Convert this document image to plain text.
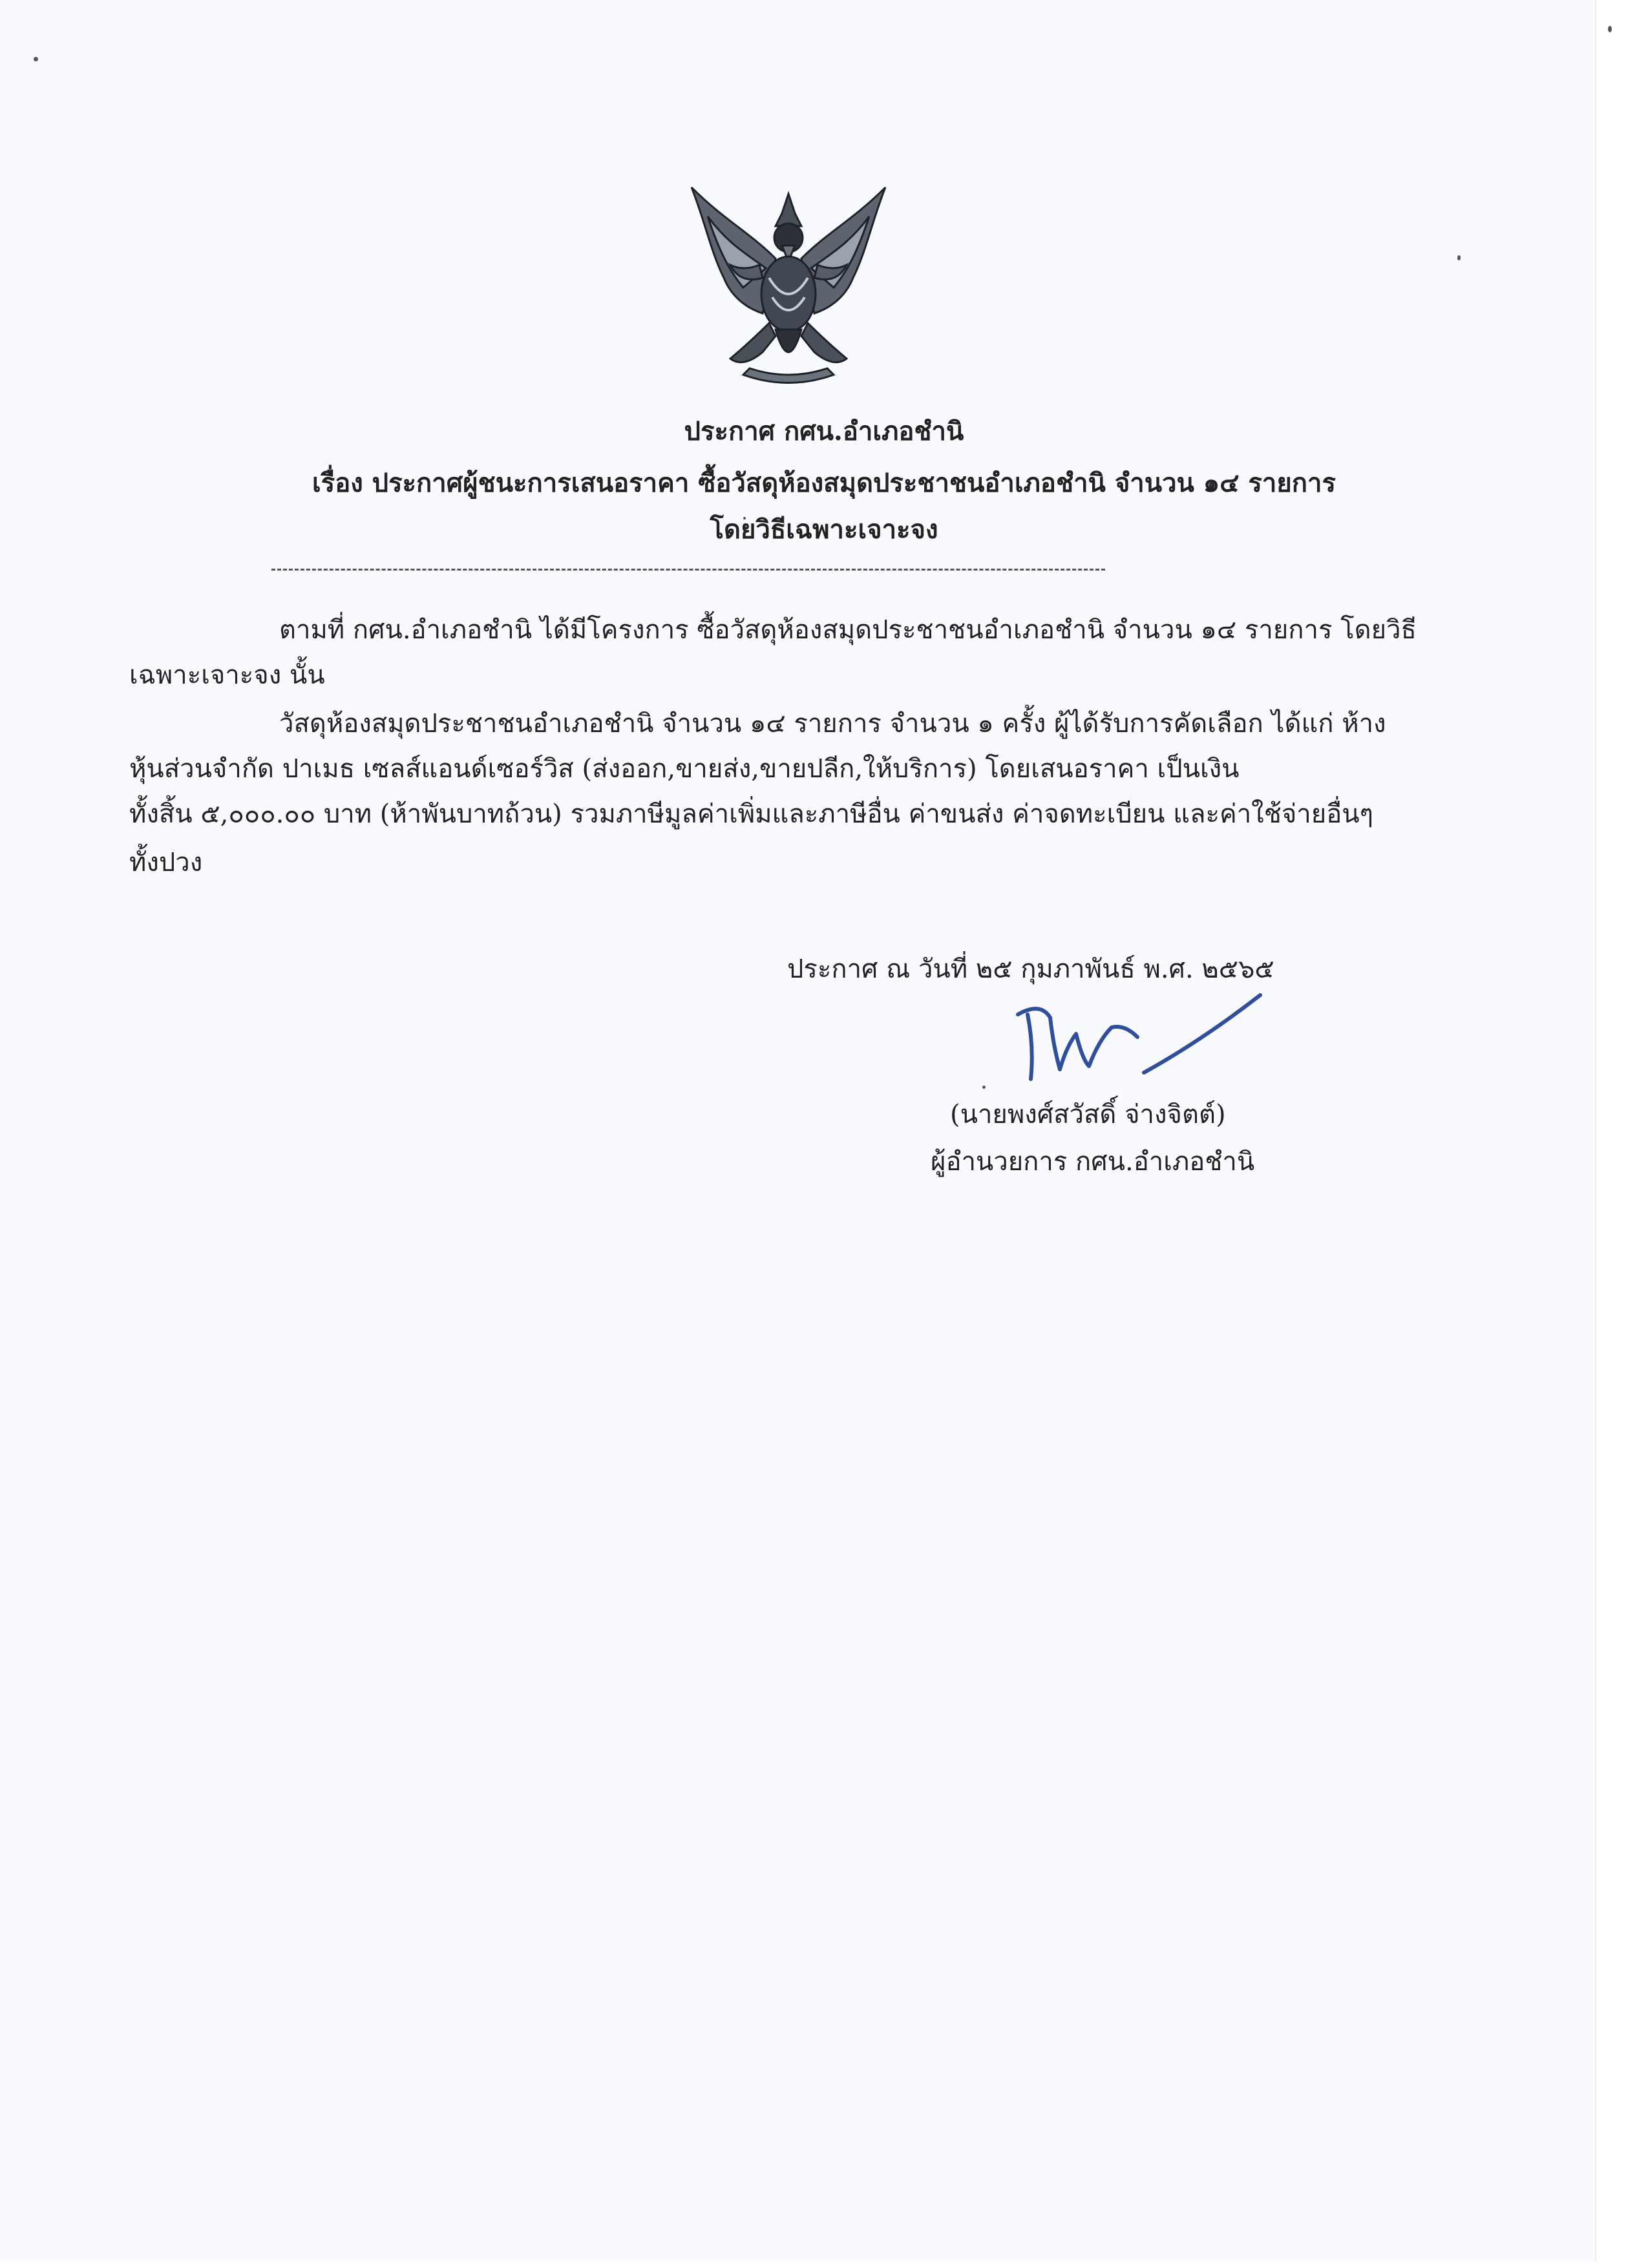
ประกาศ กศน.อำเภอชำนิ
เรื่อง ประกาศผู้ชนะการเสนอราคา ซื้อวัสดุห้องสมุดประชาชนอำเภอชำนิ จำนวน ๑๔ รายการ
โดยวิธีเฉพาะเจาะจง
ตามที่ กศน.อำเภอชำนิ ได้มีโครงการ ซื้อวัสดุห้องสมุดประชาชนอำเภอชำนิ จำนวน ๑๔ รายการ โดยวิธี
เฉพาะเจาะจง นั้น
วัสดุห้องสมุดประชาชนอำเภอชำนิ จำนวน ๑๔ รายการ จำนวน ๑ ครั้ง ผู้ได้รับการคัดเลือก ได้แก่ ห้าง
หุ้นส่วนจำกัด ปาเมธ เซลส์แอนด์เซอร์วิส (ส่งออก,ขายส่ง,ขายปลีก,ให้บริการ) โดยเสนอราคา เป็นเงิน
ทั้งสิ้น ๕,๐๐๐.๐๐ บาท (ห้าพันบาทถ้วน) รวมภาษีมูลค่าเพิ่มและภาษีอื่น ค่าขนส่ง ค่าจดทะเบียน และค่าใช้จ่ายอื่นๆ
ทั้งปวง
ประกาศ ณ วันที่ ๒๕ กุมภาพันธ์ พ.ศ. ๒๕๖๕
(นายพงศ์สวัสดิ์ จ่างจิตต์)
ผู้อำนวยการ กศน.อำเภอชำนิ
